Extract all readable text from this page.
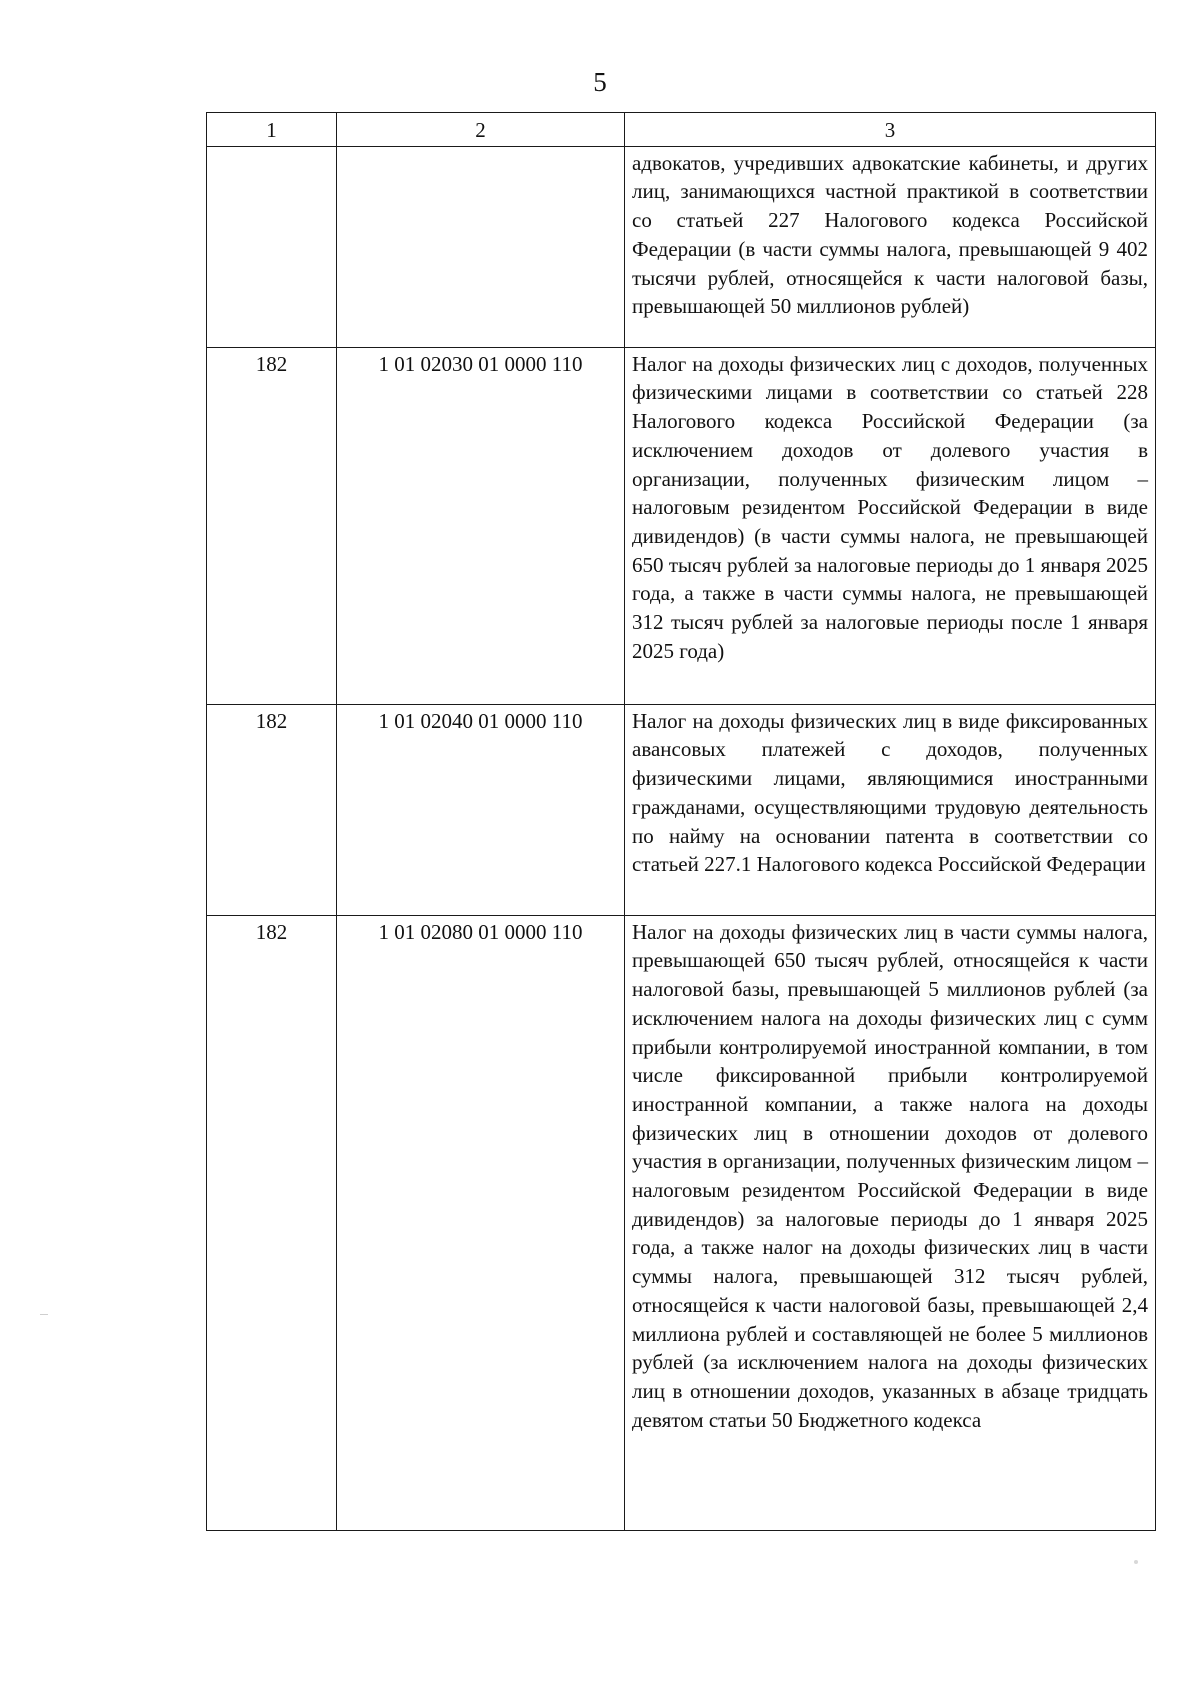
5
1	2	3
		адвокатов, учредивших адвокатские кабинеты, и других лиц, занимающихся частной практикой в соответствии со статьей 227 Налогового кодекса Российской Федерации (в части суммы налога, превышающей 9 402 тысячи рублей, относящейся к части налоговой базы, превышающей 50 миллионов рублей)
182	1 01 02030 01 0000 110	Налог на доходы физических лиц с доходов, полученных физическими лицами в соответствии со статьей 228 Налогового кодекса Российской Федерации (за исключением доходов от долевого участия в организации, полученных физическим лицом – налоговым резидентом Российской Федерации в виде дивидендов) (в части суммы налога, не превышающей 650 тысяч рублей за налоговые периоды до 1 января 2025 года, а также в части суммы налога, не превышающей 312 тысяч рублей за налоговые периоды после 1 января 2025 года)
182	1 01 02040 01 0000 110	Налог на доходы физических лиц в виде фиксированных авансовых платежей с доходов, полученных физическими лицами, являющимися иностранными гражданами, осуществляющими трудовую деятельность по найму на основании патента в соответствии со статьей 227.1 Налогового кодекса Российской Федерации
182	1 01 02080 01 0000 110	Налог на доходы физических лиц в части суммы налога, превышающей 650 тысяч рублей, относящейся к части налоговой базы, превышающей 5 миллионов рублей (за исключением налога на доходы физических лиц с сумм прибыли контролируемой иностранной компании, в том числе фиксированной прибыли контролируемой иностранной компании, а также налога на доходы физических лиц в отношении доходов от долевого участия в организации, полученных физическим лицом – налоговым резидентом Российской Федерации в виде дивидендов) за налоговые периоды до 1 января 2025 года, а также налог на доходы физических лиц в части суммы налога, превышающей 312 тысяч рублей, относящейся к части налоговой базы, превышающей 2,4 миллиона рублей и составляющей не более 5 миллионов рублей (за исключением налога на доходы физических лиц в отношении доходов, указанных в абзаце тридцать девятом статьи 50 Бюджетного кодекса
